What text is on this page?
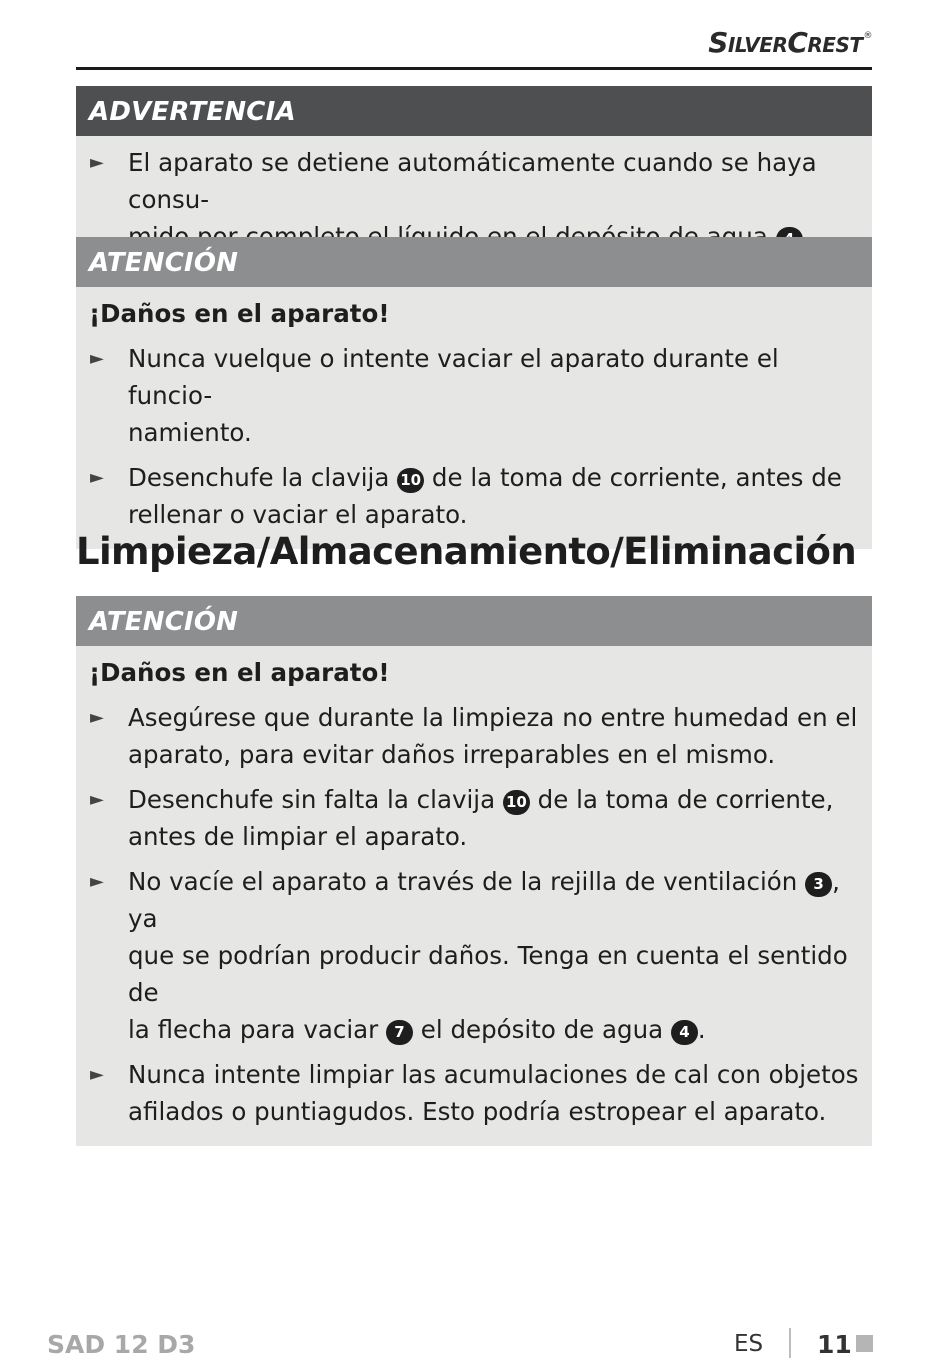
SilverCrest®
ADVERTENCIA
► El aparato se detiene automáticamente cuando se haya consu-

ATENCIÓN
¡Daños en el aparato!
► Nunca vuelque o intente vaciar el aparato durante el funcio-
namiento.
► Desenchufe la clavija 10 de la toma de corriente, antes de
rellenar o vaciar el aparato.
Limpieza/Almacenamiento/Eliminación
ATENCIÓN
¡Daños en el aparato!
► Asegúrese que durante la limpieza no entre humedad en el
aparato, para evitar daños irreparables en el mismo.
► Desenchufe sin falta la clavija 10 de la toma de corriente,
antes de limpiar el aparato.
► No vacíe el aparato a través de la rejilla de ventilación 3 , ya
que se podrían producir daños. Tenga en cuenta el sentido de
la flecha para vaciar 7 el depósito de agua 4 .
► Nunca intente limpiar las acumulaciones de cal con objetos
afilados o puntiagudos. Esto podría estropear el aparato.
SAD 12 D3	ES 11
